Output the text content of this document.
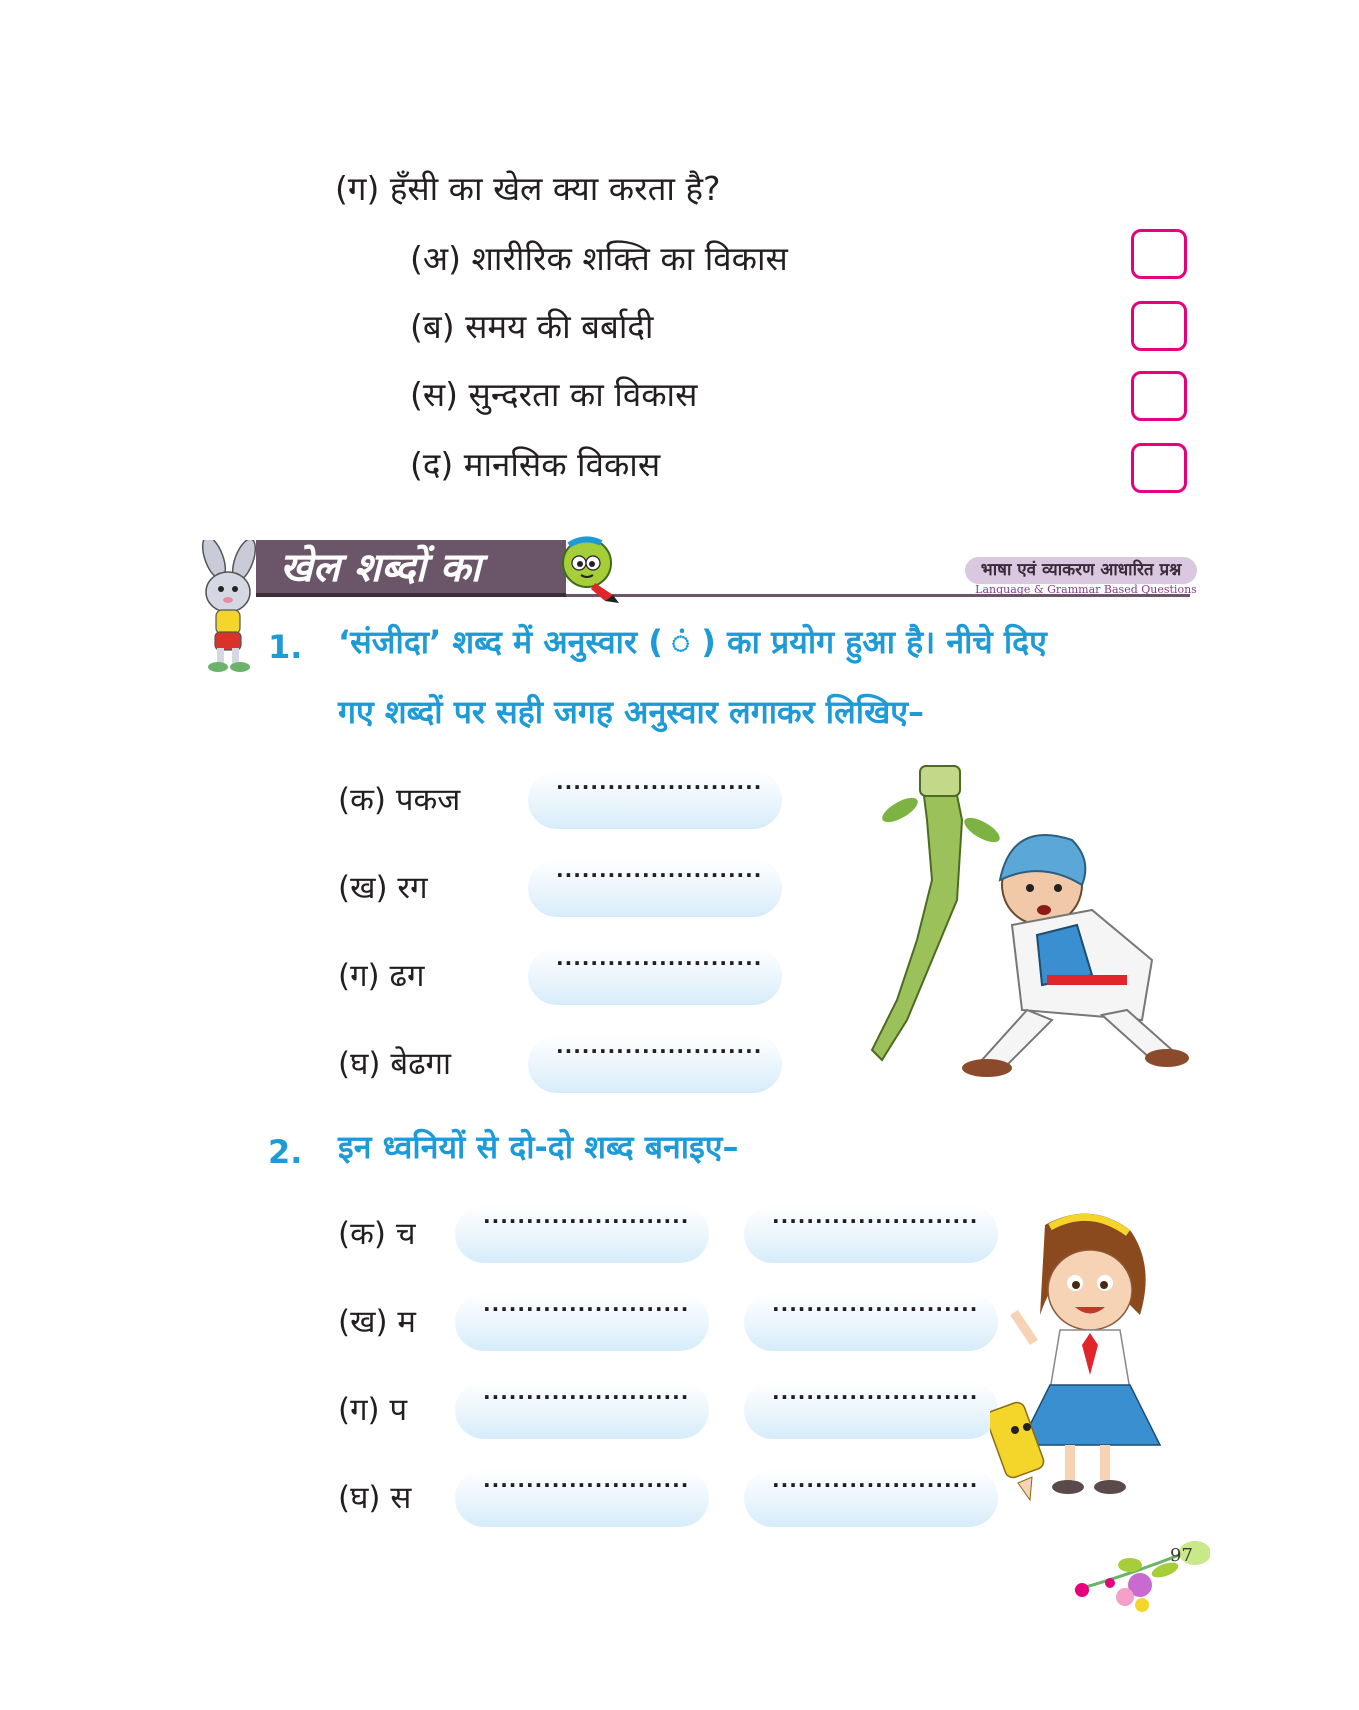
(ग) हँसी का खेल क्या करता है?
(अ) शारीरिक शक्ति का विकास
(ब) समय की बर्बादी
(स) सुन्दरता का विकास
(द) मानसिक विकास
खेल शब्दों का	भाषा एवं व्याकरण आधारित प्रश्न
Language & Grammar Based Questions
1. ‘संजीदा’ शब्द में अनुस्वार ( ं ) का प्रयोग हुआ है। नीचे दिए
गए शब्दों पर सही जगह अनुस्वार लगाकर लिखिए–
(क) पकज	........................
(ख) रग	........................
(ग) ढग	........................
(घ) बेढगा	........................
2. इन ध्वनियों से दो-दो शब्द बनाइए–
(क) च	........................	........................
(ख) म	........................	........................
(ग) प	........................	........................
(घ) स	........................	........................
97
